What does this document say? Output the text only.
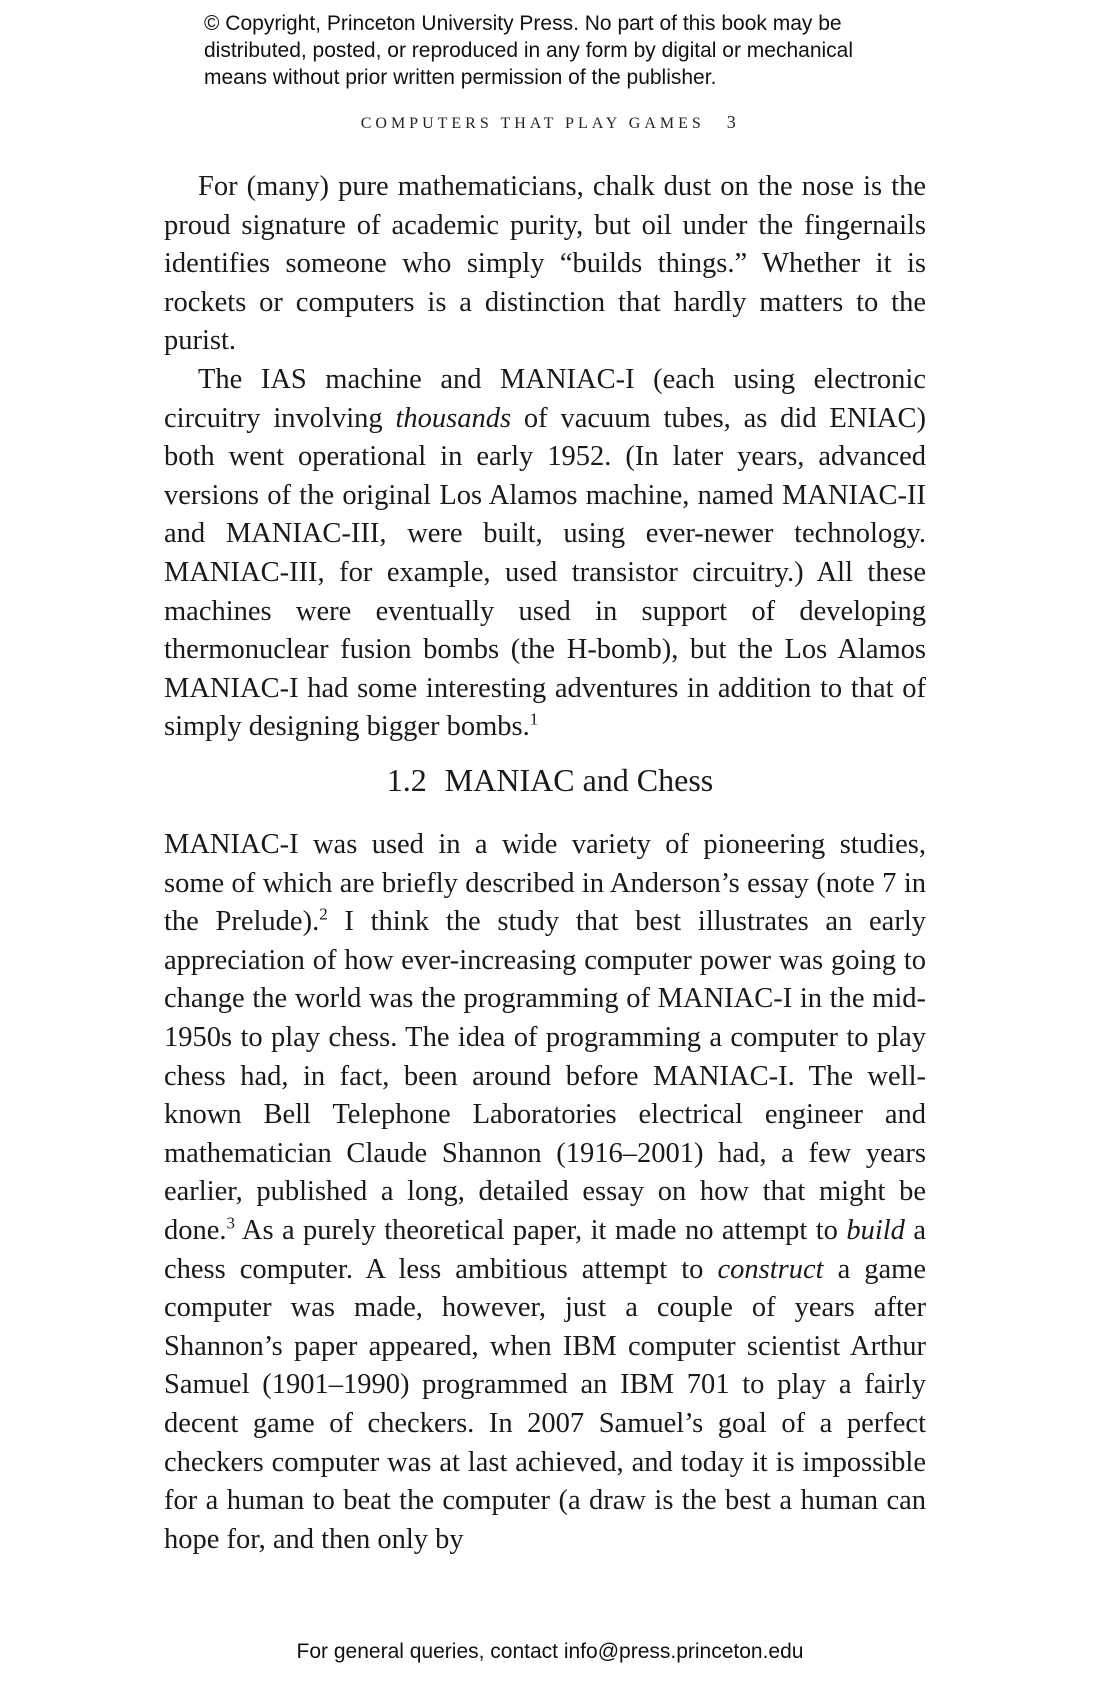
© Copyright, Princeton University Press. No part of this book may be
distributed, posted, or reproduced in any form by digital or mechanical
means without prior written permission of the publisher.
COMPUTERS THAT PLAY GAMES 3

For (many) pure mathematicians, chalk dust on the nose is the proud signature of academic purity, but oil under the fingernails identifies someone who simply “builds things.” Whether it is rockets or computers is a distinction that hardly matters to the purist.

The IAS machine and MANIAC-I (each using electronic circuitry involving thousands of vacuum tubes, as did ENIAC) both went operational in early 1952. (In later years, advanced versions of the original Los Alamos machine, named MANIAC-II and MANIAC-III, were built, using ever-newer technology. MANIAC-III, for example, used transistor circuitry.) All these machines were eventually used in support of developing thermonuclear fusion bombs (the H-bomb), but the Los Alamos MANIAC-I had some interesting adventures in addition to that of simply designing bigger bombs.$^1$

1.2 MANIAC and Chess

MANIAC-I was used in a wide variety of pioneering studies, some of which are briefly described in Anderson’s essay (note 7 in the Prelude).$^2$ I think the study that best illustrates an early appreciation of how ever-increasing computer power was going to change the world was the programming of MANIAC-I in the mid-1950s to play chess. The idea of programming a computer to play chess had, in fact, been around before MANIAC-I. The well-known Bell Telephone Laboratories electrical engineer and mathematician Claude Shannon (1916–2001) had, a few years earlier, published a long, detailed essay on how that might be done.$^3$ As a purely theoretical paper, it made no attempt to build a chess computer. A less ambitious attempt to construct a game computer was made, however, just a couple of years after Shannon’s paper appeared, when IBM computer scientist Arthur Samuel (1901–1990) programmed an IBM 701 to play a fairly decent game of checkers. In 2007 Samuel’s goal of a perfect checkers computer was at last achieved, and today it is impossible for a human to beat the computer (a draw is the best a human can hope for, and then only by

For general queries, contact info@press.princeton.edu
